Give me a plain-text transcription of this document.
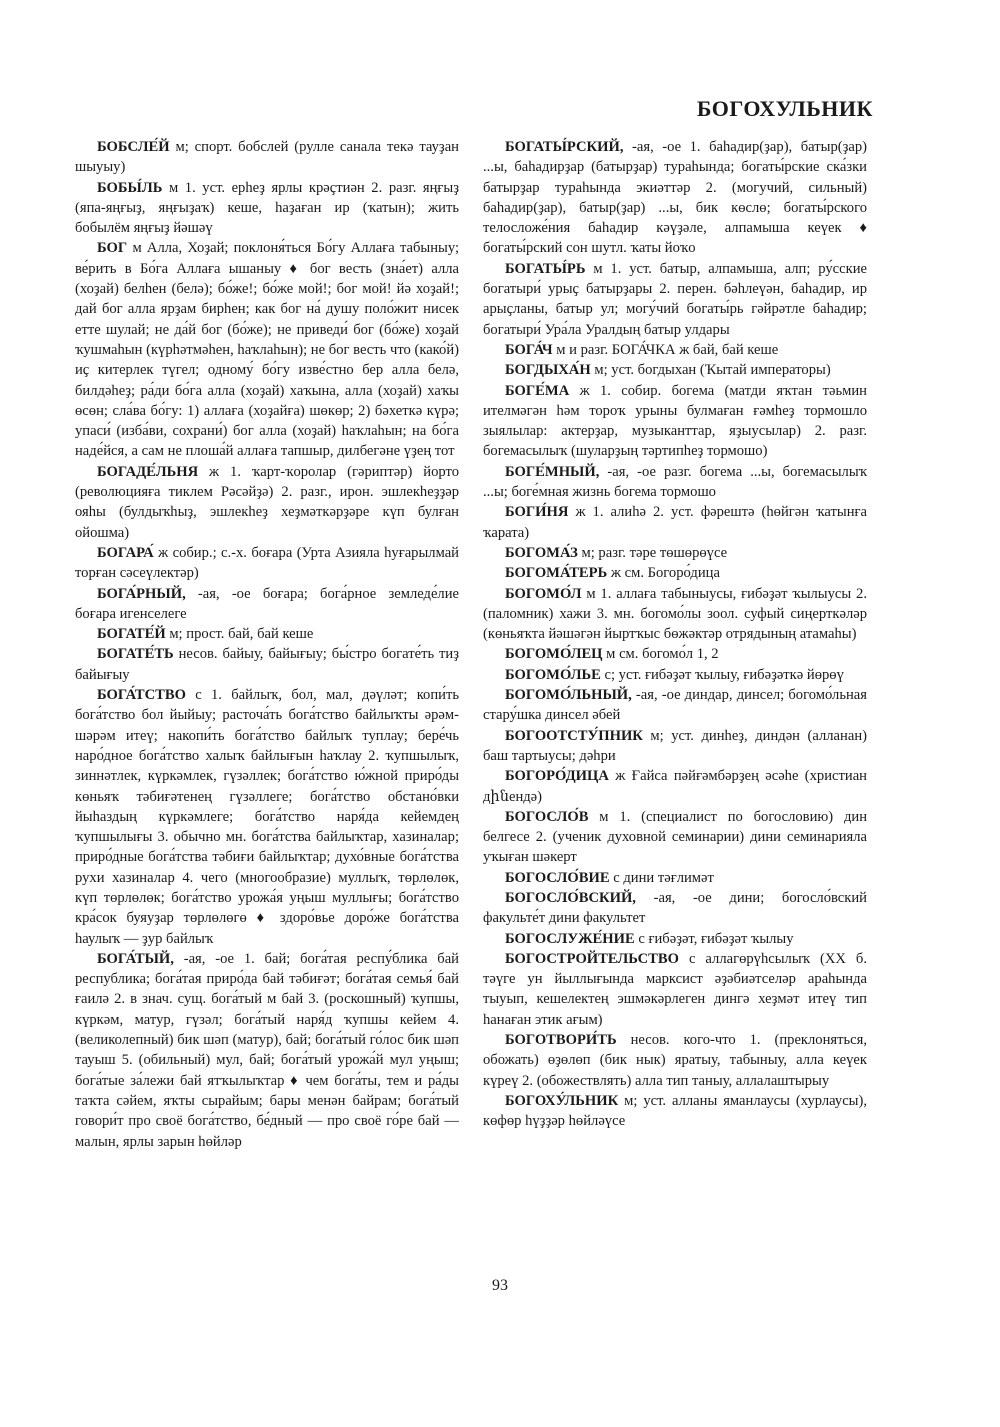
БОГОХУЛЬНИК

БОБСЛЕ́Й м; спорт. бобслей (рулле санала текә тауҙан шыуыу)

БОБЫ́ЛЬ м 1. уст. ерһеҙ ярлы крәҫтиән 2. разг. яңғыҙ (япа-яңғыҙ, яңғыҙаҡ) кеше, һаҙаған ир (ҡатын); жить бобылём яңғыҙ йәшәү

БОГ м Алла, Хоҙай; поклоня́ться Бо́гу Аллаға табыныу; ве́рить в Бо́га Аллаға ышаныу ♦ бог весть (зна́ет) алла (хоҙай) белһен (белә); бо́же!; бо́же мой!; бог мой! йә хоҙай!; дай бог алла ярҙам бирһен; как бог на́ душу поло́жит нисек етте шулай; не да́й бог (бо́же); не приведи́ бог (бо́же) хоҙай ҡушмаһын (күрһәтмәһен, һаҡлаһын); не бог весть что (како́й) иҫ китерлек түгел; одному́ бо́гу изве́стно бер алла белә, билдәһеҙ; ра́ди бо́га алла (хоҙай) хаҡына, алла (хоҙай) хаҡы өсөн; сла́ва бо́гу: 1) аллаға (хоҙайға) шөкөр; 2) бәхеткә күрә; упаси́ (изба́ви, сохрани́) бог алла (хоҙай) һаҡлаһын; на бо́га наде́йся, а сам не плоша́й аллаға тапшыр, дилбегәне үҙең тот

БОГАДЕ́ЛЬНЯ ж 1. ҡарт-ҡоролар (гәриптәр) йорто (революцияға тиклем Рәсәйҙә) 2. разг., ирон. эшлекһеҙҙәр ояһы (булдыҡһыҙ, эшлекһеҙ хеҙмәткәрҙәре күп булған ойошма)

БОГАРА́ ж собир.; с.-х. боғара (Урта Азияла һуғарылмай торған сәсеүлектәр)

БОГА́РНЫЙ, -ая, -ое боғара; бога́рное земледе́лие боғара игенселеге

БОГАТЕ́Й м; прост. бай, бай кеше

БОГАТЕ́ТЬ несов. байыу, байығыу; бы́стро богате́ть тиҙ байығыу

БОГА́ТСТВО с 1. байлыҡ, бол, мал, дәүләт; копи́ть бога́тство бол йыйыу; расточа́ть бога́тство байлыҡты әрәм-шәрәм итеү; накопи́ть бога́тство байлыҡ туплау; бере́чь наро́дное бога́тство халыҡ байлығын һаҡлау 2. ҡупшылыҡ, зиннәтлек, күркәмлек, гүзәллек; бога́тство ю́жной приро́ды көньяҡ тәбиғәтенең гүзәллеге; бога́тство обстано́вки йыһаздың күркәмлеге; бога́тство наря́да кейемдең ҡупшылығы 3. обычно мн. бога́тства байлыҡтар, хазиналар; приро́дные бога́тства тәбиғи байлыҡтар; духо́вные бога́тства рухи хазиналар 4. чего (многообразие) муллыҡ, төрлөлөк, күп төрлөлөк; бога́тство урожа́я уңыш муллығы; бога́тство кра́сок буяуҙар төрлөлөгө ♦ здоро́вье доро́же бога́тства һаулыҡ — ҙур байлыҡ

БОГА́ТЫЙ, -ая, -ое 1. бай; бога́тая респу́блика бай республика; бога́тая приро́да бай тәбиғәт; бога́тая семья́ бай ғаилә 2. в знач. сущ. бога́тый м бай 3. (роскошный) ҡупшы, күркәм, матур, гүзәл; бога́тый наря́д ҡупшы кейем 4. (великолепный) бик шәп (матур), бай; бога́тый го́лос бик шәп тауыш 5. (обильный) мул, бай; бога́тый урожа́й мул уңыш; бога́тые за́лежи бай ятҡылыҡтар ♦ чем бога́ты, тем и ра́ды таҡта сәйем, яҡты сырайым; бары менән байрам; бога́тый говори́т про своё бога́тство, бе́дный — про своё го́ре бай — малын, ярлы зарын һөйләр

БОГАТЫ́РСКИЙ, -ая, -ое 1. баһадир(ҙар), батыр(ҙар) ...ы, баһадирҙар (батырҙар) тураһында; богаты́рские ска́зки батырҙар тураһында экиәттәр 2. (могучий, сильный) баһадир(ҙар), батыр(ҙар) ...ы, бик көслө; богаты́рского телосложе́ния баһадир кәүҙәле, алпамыша кеүек ♦ богаты́рский сон шутл. ҡаты йоҡо

БОГАТЫ́РЬ м 1. уст. батыр, алпамыша, алп; ру́сские богатыри́ урыҫ батырҙары 2. перен. бәһлеүән, баһадир, ир арыҫланы, батыр ул; могу́чий богаты́рь гәйрәтле баһадир; богатыри́ Ура́ла Уралдың батыр улдары

БОГА́Ч м и разг. БОГА́ЧКА ж бай, бай кеше

БОГДЫХА́Н м; уст. богдыхан (Ҡытай императоры)

БОГЕ́МА ж 1. собир. богема (матди яҡтан тәьмин ителмәгән һәм тороҡ урыны булмаған ғәмһеҙ тормошло зыялылар: актерҙар, музыканттар, яҙыусылар) 2. разг. богемасылыҡ (шуларҙың тәртипһеҙ тормошо)

БОГЕ́МНЫЙ, -ая, -ое разг. богема ...ы, богемасылыҡ ...ы; боге́мная жизнь богема тормошо

БОГИ́НЯ ж 1. алиһә 2. уст. фәрештә (һөйгән ҡатынға ҡарата)

БОГОМА́З м; разг. тәре төшөрөүсе

БОГОМА́ТЕРЬ ж см. Богоро́дица

БОГОМО́Л м 1. аллаға табыныусы, ғибәҙәт ҡылыусы 2. (паломник) хажи 3. мн. богомо́лы зоол. суфый сиңерткәләр (көньяҡта йәшәгән йыртҡыс бөжәктәр отрядының атамаһы)

БОГОМО́ЛЕЦ м см. богомо́л 1, 2

БОГОМО́ЛЬЕ с; уст. ғибәҙәт ҡылыу, ғибәҙәткә йөрөү

БОГОМО́ЛЬНЫЙ, -ая, -ое диндар, динсел; богомо́льная стару́шка динсел әбей

БОГООТСТУ́ПНИК м; уст. динһеҙ, диндән (алланан) баш тартыусы; дәһри

БОГОРО́ДИЦА ж Ғайса пәйғәмбәрҙең әсәһе (христиан дինендә)

БОГОСЛО́В м 1. (специалист по богословию) дин белгесе 2. (ученик духовной семинарии) дини семинарияла уҡыған шәкерт

БОГОСЛО́ВИЕ с дини тәғлимәт

БОГОСЛО́ВСКИЙ, -ая, -ое дини; богосло́вский факульте́т дини факультет

БОГОСЛУЖЕ́НИЕ с ғибәҙәт, ғибәҙәт ҡылыу

БОГОСТРОЙТЕЛЬСТВО с аллагөрүһсылыҡ (XX б. тәүге ун йыллығында марксист әҙәбиәтселәр араһында тыуып, кешелектең эшмәкәрлеген дингә хеҙмәт итеү тип һанаған этик ағым)

БОГОТВОРИ́ТЬ несов. кого-что 1. (преклоняться, обожать) өҙөлөп (бик нык) яратыу, табыныу, алла кеүек күреү 2. (обожествлять) алла тип таныу, аллалаштырыу

БОГОХУ́ЛЬНИК м; уст. алланы яманлаусы (хурлаусы), көфөр һүҙҙәр һөйләүсе

93
